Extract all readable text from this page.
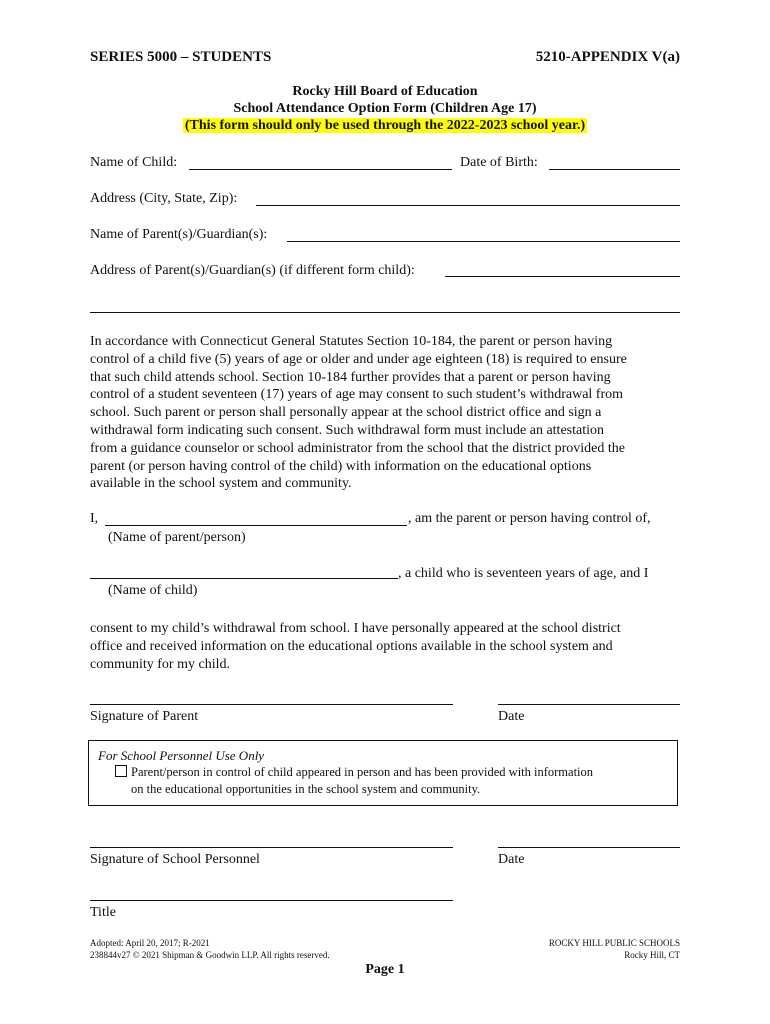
SERIES 5000 – STUDENTS	5210-APPENDIX V(a)
Rocky Hill Board of Education
School Attendance Option Form (Children Age 17)
(This form should only be used through the 2022-2023 school year.)
Name of Child:	Date of Birth:
Address (City, State, Zip):
Name of Parent(s)/Guardian(s):
Address of Parent(s)/Guardian(s) (if different form child):
In accordance with Connecticut General Statutes Section 10-184, the parent or person having
control of a child five (5) years of age or older and under age eighteen (18) is required to ensure
that such child attends school. Section 10-184 further provides that a parent or person having
control of a student seventeen (17) years of age may consent to such student’s withdrawal from
school. Such parent or person shall personally appear at the school district office and sign a
withdrawal form indicating such consent. Such withdrawal form must include an attestation
from a guidance counselor or school administrator from the school that the district provided the
parent (or person having control of the child) with information on the educational options
available in the school system and community.
I,	, am the parent or person having control of,
(Name of parent/person)
, a child who is seventeen years of age, and I
(Name of child)
consent to my child’s withdrawal from school. I have personally appeared at the school district
office and received information on the educational options available in the school system and
community for my child.
Signature of Parent	Date
For School Personnel Use Only
Parent/person in control of child appeared in person and has been provided with information
on the educational opportunities in the school system and community.
Signature of School Personnel	Date
Title
Adopted: April 20, 2017; R-2021
238844v27 © 2021 Shipman & Goodwin LLP. All rights reserved.
ROCKY HILL PUBLIC SCHOOLS
Rocky Hill, CT
Page 1
